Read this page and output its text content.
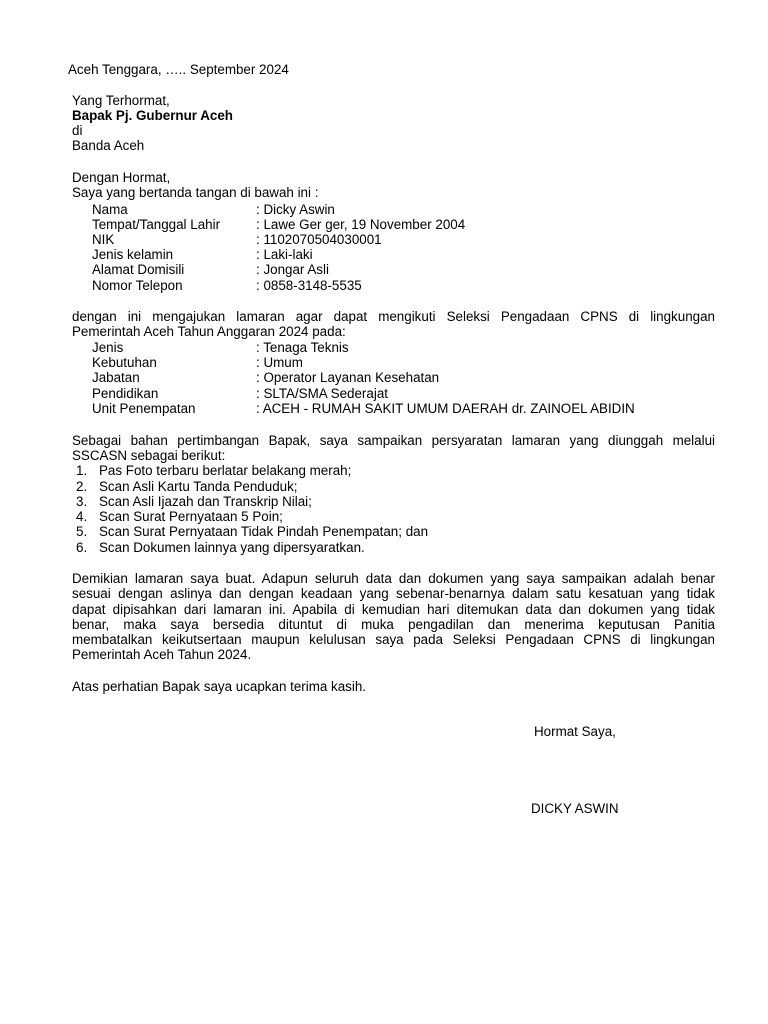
Aceh Tenggara, ….. September 2024
Yang Terhormat,
Bapak Pj. Gubernur Aceh
di
Banda Aceh
Dengan Hormat,
Saya yang bertanda tangan di bawah ini :
Nama	: Dicky Aswin
Tempat/Tanggal Lahir	: Lawe Ger ger, 19 November 2004
NIK	: 1102070504030001
Jenis kelamin	: Laki-laki
Alamat Domisili	: Jongar Asli
Nomor Telepon	: 0858-3148-5535
dengan ini mengajukan lamaran agar dapat mengikuti Seleksi Pengadaan CPNS di lingkungan
Pemerintah Aceh Tahun Anggaran 2024 pada:
Jenis	: Tenaga Teknis
Kebutuhan	: Umum
Jabatan	: Operator Layanan Kesehatan
Pendidikan	: SLTA/SMA Sederajat
Unit Penempatan	: ACEH - RUMAH SAKIT UMUM DAERAH dr. ZAINOEL ABIDIN
Sebagai bahan pertimbangan Bapak, saya sampaikan persyaratan lamaran yang diunggah melalui
SSCASN sebagai berikut:
1. Pas Foto terbaru berlatar belakang merah;
2. Scan Asli Kartu Tanda Penduduk;
3. Scan Asli Ijazah dan Transkrip Nilai;
4. Scan Surat Pernyataan 5 Poin;
5. Scan Surat Pernyataan Tidak Pindah Penempatan; dan
6. Scan Dokumen lainnya yang dipersyaratkan.
Demikian lamaran saya buat. Adapun seluruh data dan dokumen yang saya sampaikan adalah benar
sesuai dengan aslinya dan dengan keadaan yang sebenar-benarnya dalam satu kesatuan yang tidak
dapat dipisahkan dari lamaran ini. Apabila di kemudian hari ditemukan data dan dokumen yang tidak
benar, maka saya bersedia dituntut di muka pengadilan dan menerima keputusan Panitia
membatalkan keikutsertaan maupun kelulusan saya pada Seleksi Pengadaan CPNS di lingkungan
Pemerintah Aceh Tahun 2024.
Atas perhatian Bapak saya ucapkan terima kasih.
Hormat Saya,
DICKY ASWIN
